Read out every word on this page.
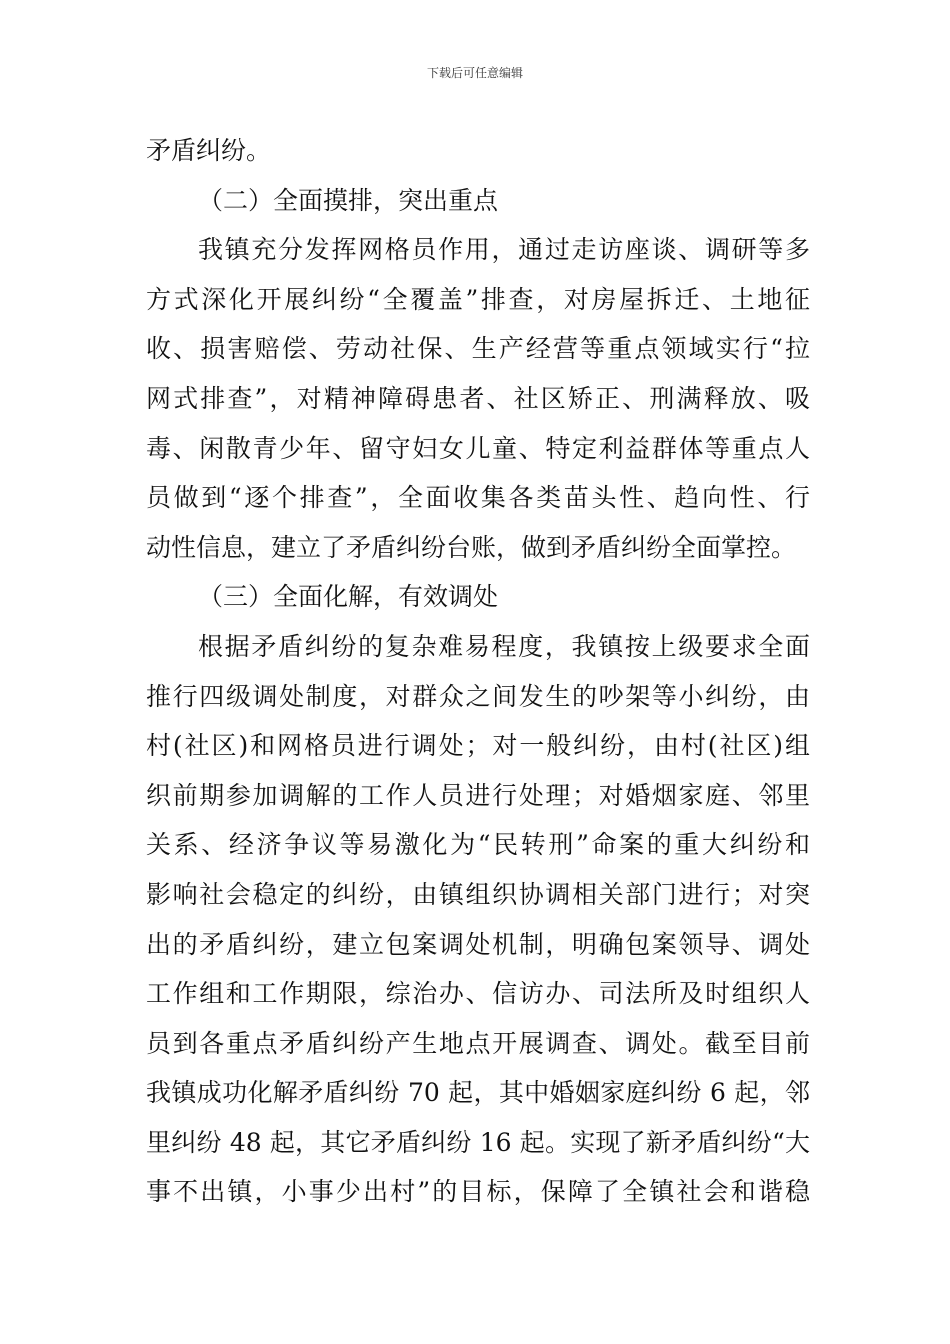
下载后可任意编辑
矛盾纠纷。
（二）全面摸排，突出重点
我镇充分发挥网格员作用，通过走访座谈、调研等多
方式深化开展纠纷“全覆盖”排查，对房屋拆迁、土地征
收、损害赔偿、劳动社保、生产经营等重点领域实行“拉
网式排查”，对精神障碍患者、社区矫正、刑满释放、吸
毒、闲散青少年、留守妇女儿童、特定利益群体等重点人
员做到“逐个排查”，全面收集各类苗头性、趋向性、行
动性信息，建立了矛盾纠纷台账，做到矛盾纠纷全面掌控。
（三）全面化解，有效调处
根据矛盾纠纷的复杂难易程度，我镇按上级要求全面
推行四级调处制度，对群众之间发生的吵架等小纠纷，由
村(社区)和网格员进行调处；对一般纠纷，由村(社区)组
织前期参加调解的工作人员进行处理；对婚烟家庭、邻里
关系、经济争议等易激化为“民转刑”命案的重大纠纷和
影响社会稳定的纠纷，由镇组织协调相关部门进行；对突
出的矛盾纠纷，建立包案调处机制，明确包案领导、调处
工作组和工作期限，综治办、信访办、司法所及时组织人
员到各重点矛盾纠纷产生地点开展调查、调处。截至目前
我镇成功化解矛盾纠纷 70 起，其中婚姻家庭纠纷 6 起，邻
里纠纷 48 起，其它矛盾纠纷 16 起。实现了新矛盾纠纷“大
事不出镇，小事少出村”的目标，保障了全镇社会和谐稳
